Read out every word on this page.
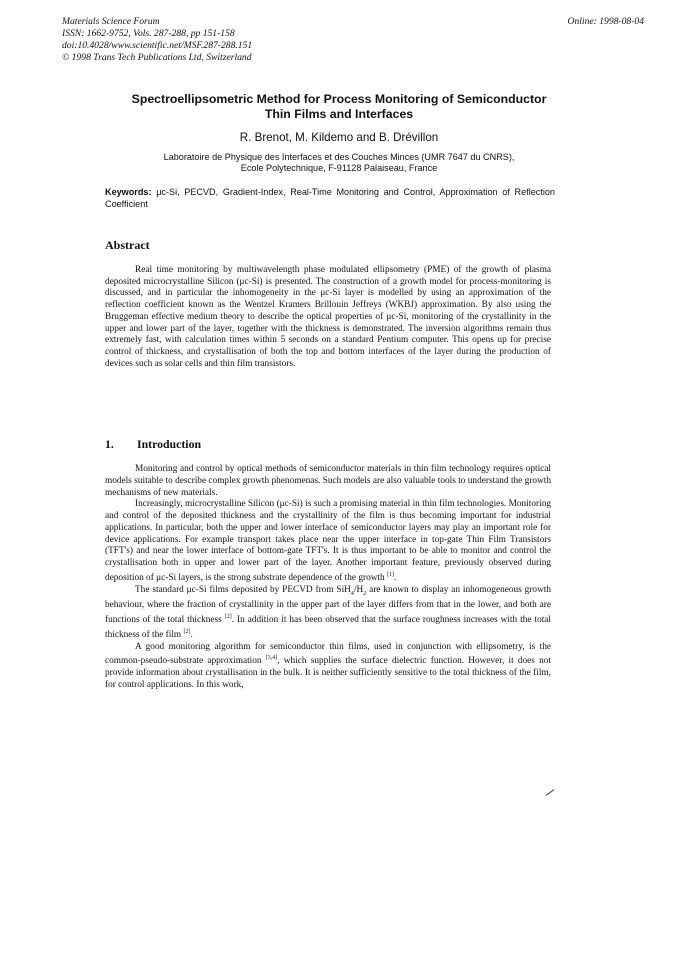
Materials Science Forum
ISSN: 1662-9752, Vols. 287-288, pp 151-158
doi:10.4028/www.scientific.net/MSF.287-288.151
© 1998 Trans Tech Publications Ltd, Switzerland
Online: 1998-08-04
Spectroellipsometric Method for Process Monitoring of Semiconductor
Thin Films and Interfaces
R. Brenot, M. Kildemo and B. Drévillon
Laboratoire de Physique des Interfaces et des Couches Minces (UMR 7647 du CNRS),
Ecole Polytechnique, F-91128 Palaiseau, France
Keywords: μc-Si, PECVD, Gradient-Index, Real-Time Monitoring and Control, Approximation of Reflection Coefficient
Abstract

Real time monitoring by multiwavelength phase modulated ellipsometry (PME) of the growth of plasma deposited microcrystalline Silicon (μc-Si) is presented. The construction of a growth model for process-monitoring is discussed, and in particular the inhomogeneity in the μc-Si layer is modelled by using an approximation of the reflection coefficient known as the Wentzel Kramers Brillouin Jeffreys (WKBJ) approximation. By also using the Bruggeman effective medium theory to describe the optical properties of μc-Si, monitoring of the crystallinity in the upper and lower part of the layer, together with the thickness is demonstrated. The inversion algorithms remain thus extremely fast, with calculation times within 5 seconds on a standard Pentium computer. This opens up for precise control of thickness, and crystallisation of both the top and bottom interfaces of the layer during the production of devices such as solar cells and thin film transistors.

1. Introduction

Monitoring and control by optical methods of semiconductor materials in thin film technology requires optical models suitable to describe complex growth phenomenas. Such models are also valuable tools to understand the growth mechanisms of new materials.

Increasingly, microcrystalline Silicon (μc-Si) is such a promising material in thin film technologies. Monitoring and control of the deposited thickness and the crystallinity of the film is thus becoming important for industrial applications. In particular, both the upper and lower interface of semiconductor layers may play an important role for device applications. For example transport takes place near the upper interface in top-gate Thin Film Transistors (TFT's) and near the lower interface of bottom-gate TFT's. It is thus important to be able to monitor and control the crystallisation both in upper and lower part of the layer. Another important feature, previously observed during deposition of μc-Si layers, is the strong substrate dependence of the growth [1].

The standard μc-Si films deposited by PECVD from $SiH_4/H_2$ are known to display an inhomogeneous growth behaviour, where the fraction of crystallinity in the upper part of the layer differs from that in the lower, and both are functions of the total thickness [2]. In addition it has been observed that the surface roughness increases with the total thickness of the film [2].

A good monitoring algorithm for semiconductor thin films, used in conjunction with ellipsometry, is the common-pseudo-substrate approximation [3,4], which supplies the surface dielectric function. However, it does not provide information about crystallisation in the bulk. It is neither sufficiently sensitive to the total thickness of the film, for control applications. In this work,
